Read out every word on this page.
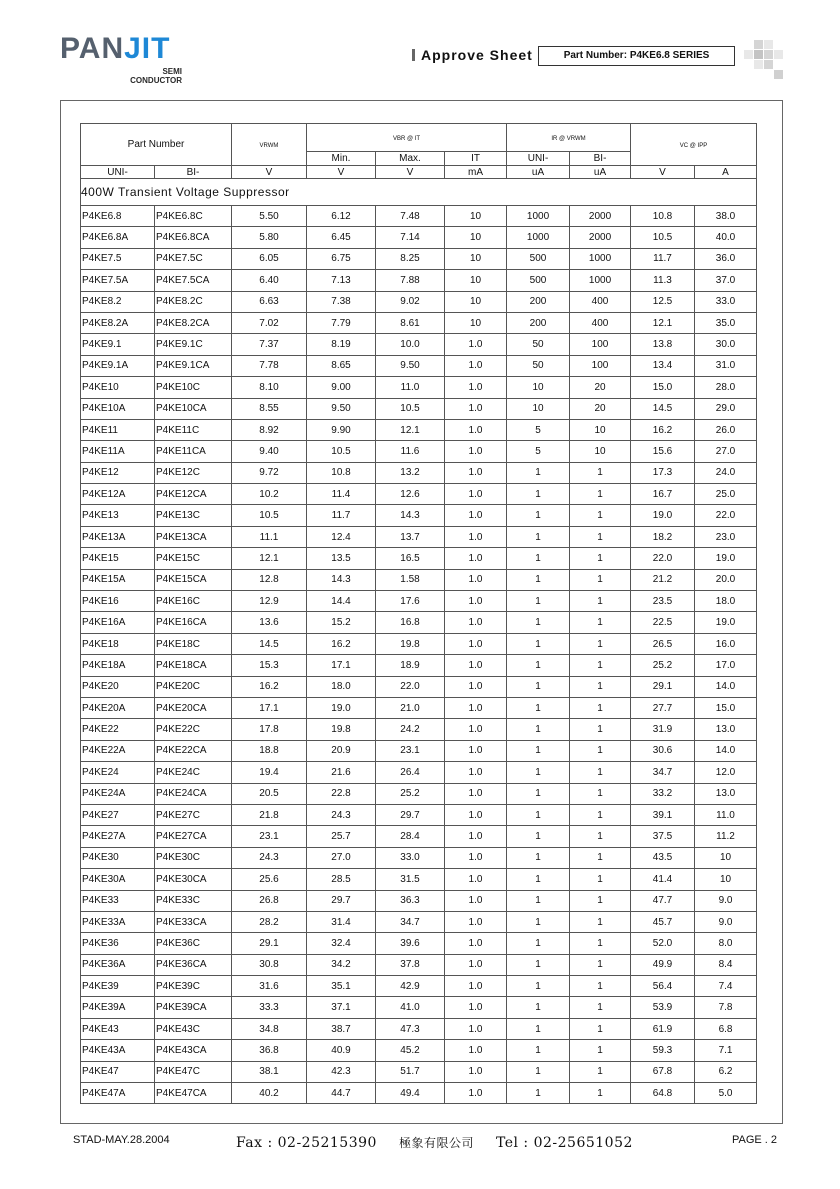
PANJIT
SEMI
CONDUCTOR
Approve Sheet	Part Number: P4KE6.8 SERIES
Part Number		VRWM	VBR @ IT			IR @ VRWM		VC @ IPP	
			Min.	Max.	IT	UNI-	BI-		
UNI-	BI-	V	V	V	mA	uA	uA	V	A
400W Transient Voltage Suppressor									
P4KE6.8	P4KE6.8C	5.50	6.12	7.48	10	1000	2000	10.8	38.0
P4KE6.8A	P4KE6.8CA	5.80	6.45	7.14	10	1000	2000	10.5	40.0
P4KE7.5	P4KE7.5C	6.05	6.75	8.25	10	500	1000	11.7	36.0
P4KE7.5A	P4KE7.5CA	6.40	7.13	7.88	10	500	1000	11.3	37.0
P4KE8.2	P4KE8.2C	6.63	7.38	9.02	10	200	400	12.5	33.0
P4KE8.2A	P4KE8.2CA	7.02	7.79	8.61	10	200	400	12.1	35.0
P4KE9.1	P4KE9.1C	7.37	8.19	10.0	1.0	50	100	13.8	30.0
P4KE9.1A	P4KE9.1CA	7.78	8.65	9.50	1.0	50	100	13.4	31.0
P4KE10	P4KE10C	8.10	9.00	11.0	1.0	10	20	15.0	28.0
P4KE10A	P4KE10CA	8.55	9.50	10.5	1.0	10	20	14.5	29.0
P4KE11	P4KE11C	8.92	9.90	12.1	1.0	5	10	16.2	26.0
P4KE11A	P4KE11CA	9.40	10.5	11.6	1.0	5	10	15.6	27.0
P4KE12	P4KE12C	9.72	10.8	13.2	1.0	1	1	17.3	24.0
P4KE12A	P4KE12CA	10.2	11.4	12.6	1.0	1	1	16.7	25.0
P4KE13	P4KE13C	10.5	11.7	14.3	1.0	1	1	19.0	22.0
P4KE13A	P4KE13CA	11.1	12.4	13.7	1.0	1	1	18.2	23.0
P4KE15	P4KE15C	12.1	13.5	16.5	1.0	1	1	22.0	19.0
P4KE15A	P4KE15CA	12.8	14.3	1.58	1.0	1	1	21.2	20.0
P4KE16	P4KE16C	12.9	14.4	17.6	1.0	1	1	23.5	18.0
P4KE16A	P4KE16CA	13.6	15.2	16.8	1.0	1	1	22.5	19.0
P4KE18	P4KE18C	14.5	16.2	19.8	1.0	1	1	26.5	16.0
P4KE18A	P4KE18CA	15.3	17.1	18.9	1.0	1	1	25.2	17.0
P4KE20	P4KE20C	16.2	18.0	22.0	1.0	1	1	29.1	14.0
P4KE20A	P4KE20CA	17.1	19.0	21.0	1.0	1	1	27.7	15.0
P4KE22	P4KE22C	17.8	19.8	24.2	1.0	1	1	31.9	13.0
P4KE22A	P4KE22CA	18.8	20.9	23.1	1.0	1	1	30.6	14.0
P4KE24	P4KE24C	19.4	21.6	26.4	1.0	1	1	34.7	12.0
P4KE24A	P4KE24CA	20.5	22.8	25.2	1.0	1	1	33.2	13.0
P4KE27	P4KE27C	21.8	24.3	29.7	1.0	1	1	39.1	11.0
P4KE27A	P4KE27CA	23.1	25.7	28.4	1.0	1	1	37.5	11.2
P4KE30	P4KE30C	24.3	27.0	33.0	1.0	1	1	43.5	10
P4KE30A	P4KE30CA	25.6	28.5	31.5	1.0	1	1	41.4	10
P4KE33	P4KE33C	26.8	29.7	36.3	1.0	1	1	47.7	9.0
P4KE33A	P4KE33CA	28.2	31.4	34.7	1.0	1	1	45.7	9.0
P4KE36	P4KE36C	29.1	32.4	39.6	1.0	1	1	52.0	8.0
P4KE36A	P4KE36CA	30.8	34.2	37.8	1.0	1	1	49.9	8.4
P4KE39	P4KE39C	31.6	35.1	42.9	1.0	1	1	56.4	7.4
P4KE39A	P4KE39CA	33.3	37.1	41.0	1.0	1	1	53.9	7.8
P4KE43	P4KE43C	34.8	38.7	47.3	1.0	1	1	61.9	6.8
P4KE43A	P4KE43CA	36.8	40.9	45.2	1.0	1	1	59.3	7.1
P4KE47	P4KE47C	38.1	42.3	51.7	1.0	1	1	67.8	6.2
P4KE47A	P4KE47CA	40.2	44.7	49.4	1.0	1	1	64.8	5.0
STAD-MAY.28.2004	Fax : 02-25215390 極象有限公司 Tel : 02-25651052	PAGE . 2
